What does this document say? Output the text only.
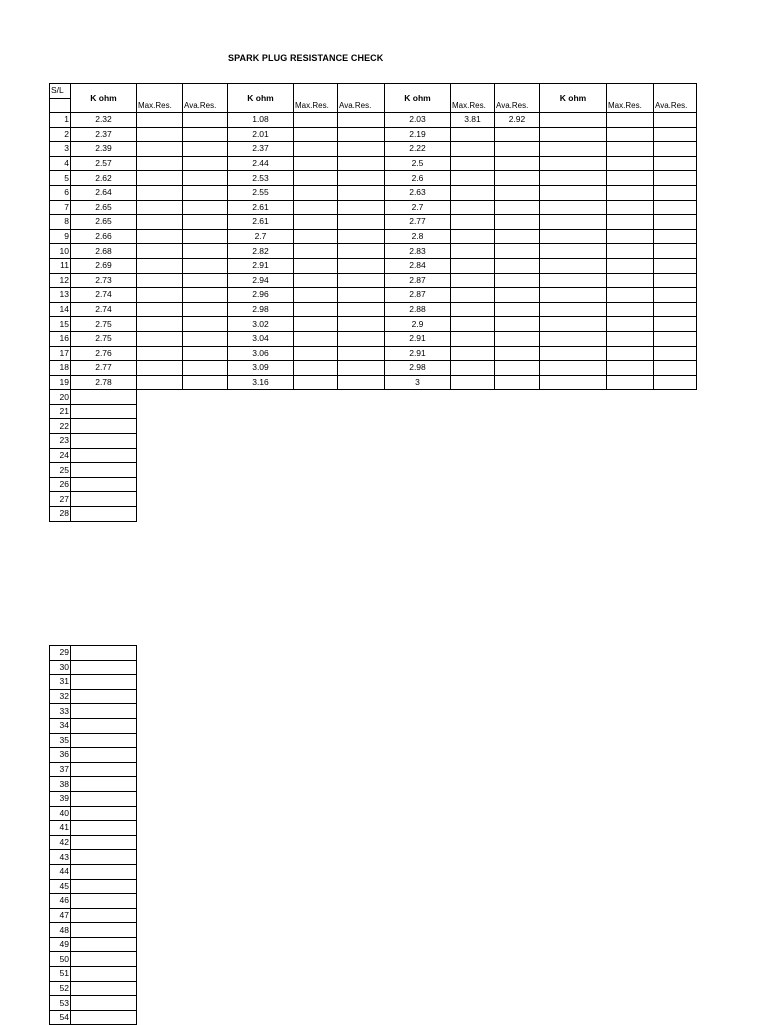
SPARK PLUG RESISTANCE CHECK
S/L	K ohm	Max.Res.	Ava.Res.	K ohm	Max.Res.	Ava.Res.	K ohm	Max.Res.	Ava.Res.	K ohm	Max.Res.	Ava.Res.

1	2.32			1.08			2.03	3.81	2.92			
2	2.37			2.01			2.19					
3	2.39			2.37			2.22					
4	2.57			2.44			2.5					
5	2.62			2.53			2.6					
6	2.64			2.55			2.63					
7	2.65			2.61			2.7					
8	2.65			2.61			2.77					
9	2.66			2.7			2.8					
10	2.68			2.82			2.83					
11	2.69			2.91			2.84					
12	2.73			2.94			2.87					
13	2.74			2.96			2.87					
14	2.74			2.98			2.88					
15	2.75			3.02			2.9					
16	2.75			3.04			2.91					
17	2.76			3.06			2.91					
18	2.77			3.09			2.98					
19	2.78			3.16			3					
20												
21												
22												
23												
24												
25												
26												
27												
28												
29	
30	
31	
32	
33	
34	
35	
36	
37	
38	
39	
40	
41	
42	
43	
44	
45	
46	
47	
48	
49	
50	
51	
52	
53	
54	
